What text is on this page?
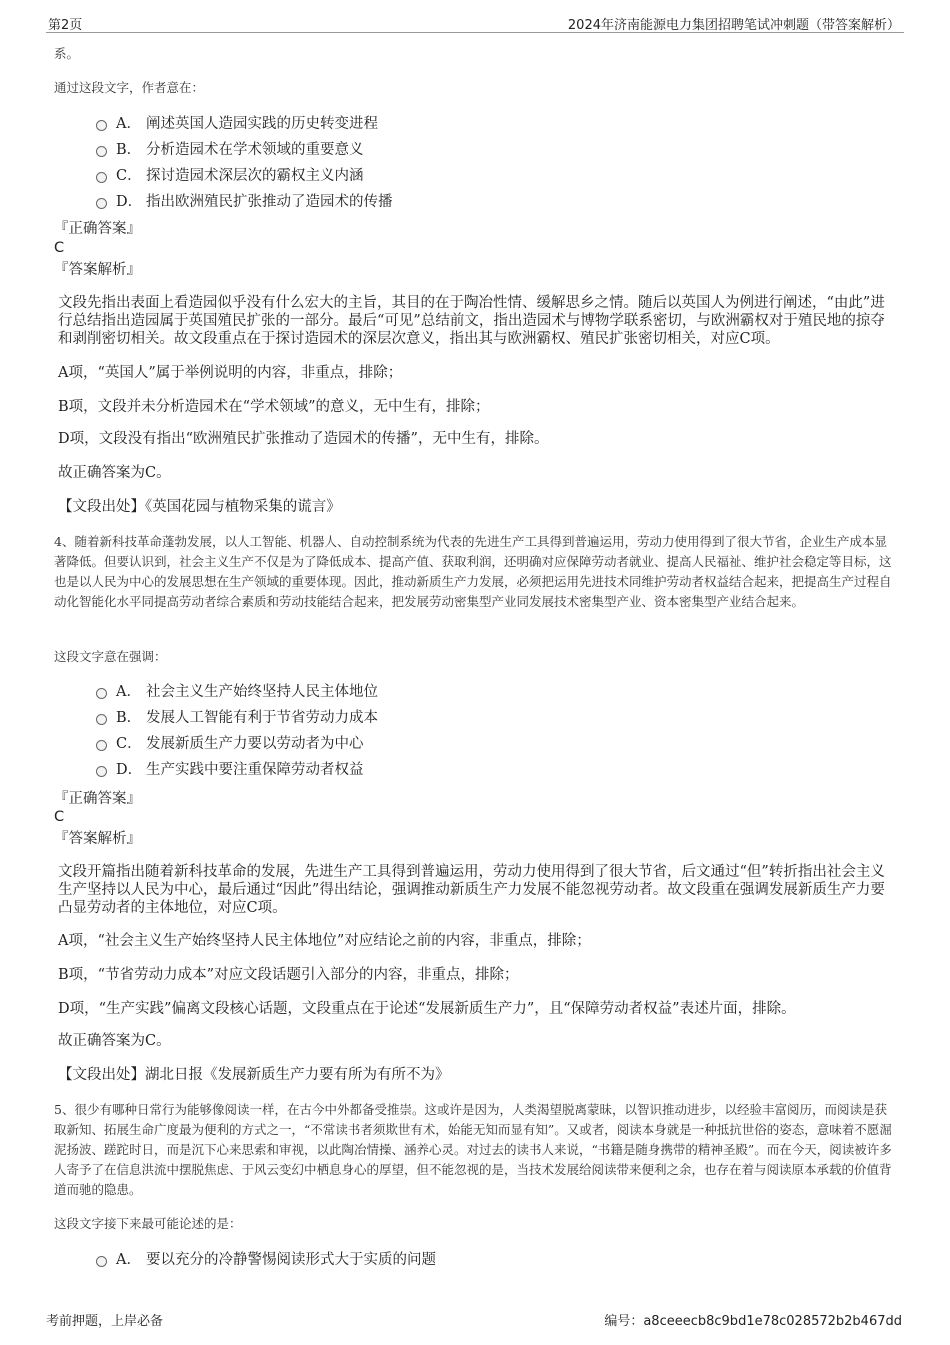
第2页	2024年济南能源电力集团招聘笔试冲刺题（带答案解析）
系。
通过这段文字，作者意在：
A． 阐述英国人造园实践的历史转变进程
B． 分析造园术在学术领域的重要意义
C． 探讨造园术深层次的霸权主义内涵
D． 指出欧洲殖民扩张推动了造园术的传播
『正确答案』
C
『答案解析』
文段先指出表面上看造园似乎没有什么宏大的主旨，其目的在于陶冶性情、缓解思乡之情。随后以英国人为例进行阐述，“由此”进行总结指出造园属于英国殖民扩张的一部分。最后“可见”总结前文，指出造园术与博物学联系密切，与欧洲霸权对于殖民地的掠夺和剥削密切相关。故文段重点在于探讨造园术的深层次意义，指出其与欧洲霸权、殖民扩张密切相关，对应C项。
A项，“英国人”属于举例说明的内容，非重点，排除；
B项，文段并未分析造园术在“学术领域”的意义，无中生有，排除；
D项，文段没有指出“欧洲殖民扩张推动了造园术的传播”，无中生有，排除。
故正确答案为C。
【文段出处】《英国花园与植物采集的谎言》
4、随着新科技革命蓬勃发展，以人工智能、机器人、自动控制系统为代表的先进生产工具得到普遍运用，劳动力使用得到了很大节省，企业生产成本显著降低。但要认识到，社会主义生产不仅是为了降低成本、提高产值、获取利润，还明确对应保障劳动者就业、提高人民福祉、维护社会稳定等目标，这也是以人民为中心的发展思想在生产领域的重要体现。因此，推动新质生产力发展，必须把运用先进技术同维护劳动者权益结合起来，把提高生产过程自动化智能化水平同提高劳动者综合素质和劳动技能结合起来，把发展劳动密集型产业同发展技术密集型产业、资本密集型产业结合起来。
这段文字意在强调：
A． 社会主义生产始终坚持人民主体地位
B． 发展人工智能有利于节省劳动力成本
C． 发展新质生产力要以劳动者为中心
D． 生产实践中要注重保障劳动者权益
『正确答案』
C
『答案解析』
文段开篇指出随着新科技革命的发展，先进生产工具得到普遍运用，劳动力使用得到了很大节省，后文通过“但”转折指出社会主义生产坚持以人民为中心，最后通过“因此”得出结论，强调推动新质生产力发展不能忽视劳动者。故文段重在强调发展新质生产力要凸显劳动者的主体地位，对应C项。
A项，“社会主义生产始终坚持人民主体地位”对应结论之前的内容，非重点，排除；
B项，“节省劳动力成本”对应文段话题引入部分的内容，非重点，排除；
D项，“生产实践”偏离文段核心话题，文段重点在于论述“发展新质生产力”，且“保障劳动者权益”表述片面，排除。
故正确答案为C。
【文段出处】湖北日报《发展新质生产力要有所为有所不为》
5、很少有哪种日常行为能够像阅读一样，在古今中外都备受推崇。这或许是因为，人类渴望脱离蒙昧，以智识推动进步，以经验丰富阅历，而阅读是获取新知、拓展生命广度最为便利的方式之一，“不常读书者须欺世有术，始能无知而显有知”。又或者，阅读本身就是一种抵抗世俗的姿态，意味着不愿淈泥扬波、蹉跎时日，而是沉下心来思索和审视，以此陶冶情操、涵养心灵。对过去的读书人来说，“书籍是随身携带的精神圣殿”。而在今天，阅读被许多人寄予了在信息洪流中摆脱焦虑、于风云变幻中栖息身心的厚望，但不能忽视的是，当技术发展给阅读带来便利之余，也存在着与阅读原本承载的价值背道而驰的隐患。
这段文字接下来最可能论述的是：
A． 要以充分的冷静警惕阅读形式大于实质的问题
考前押题，上岸必备	编号：a8ceeecb8c9bd1e78c028572b2b467dd
